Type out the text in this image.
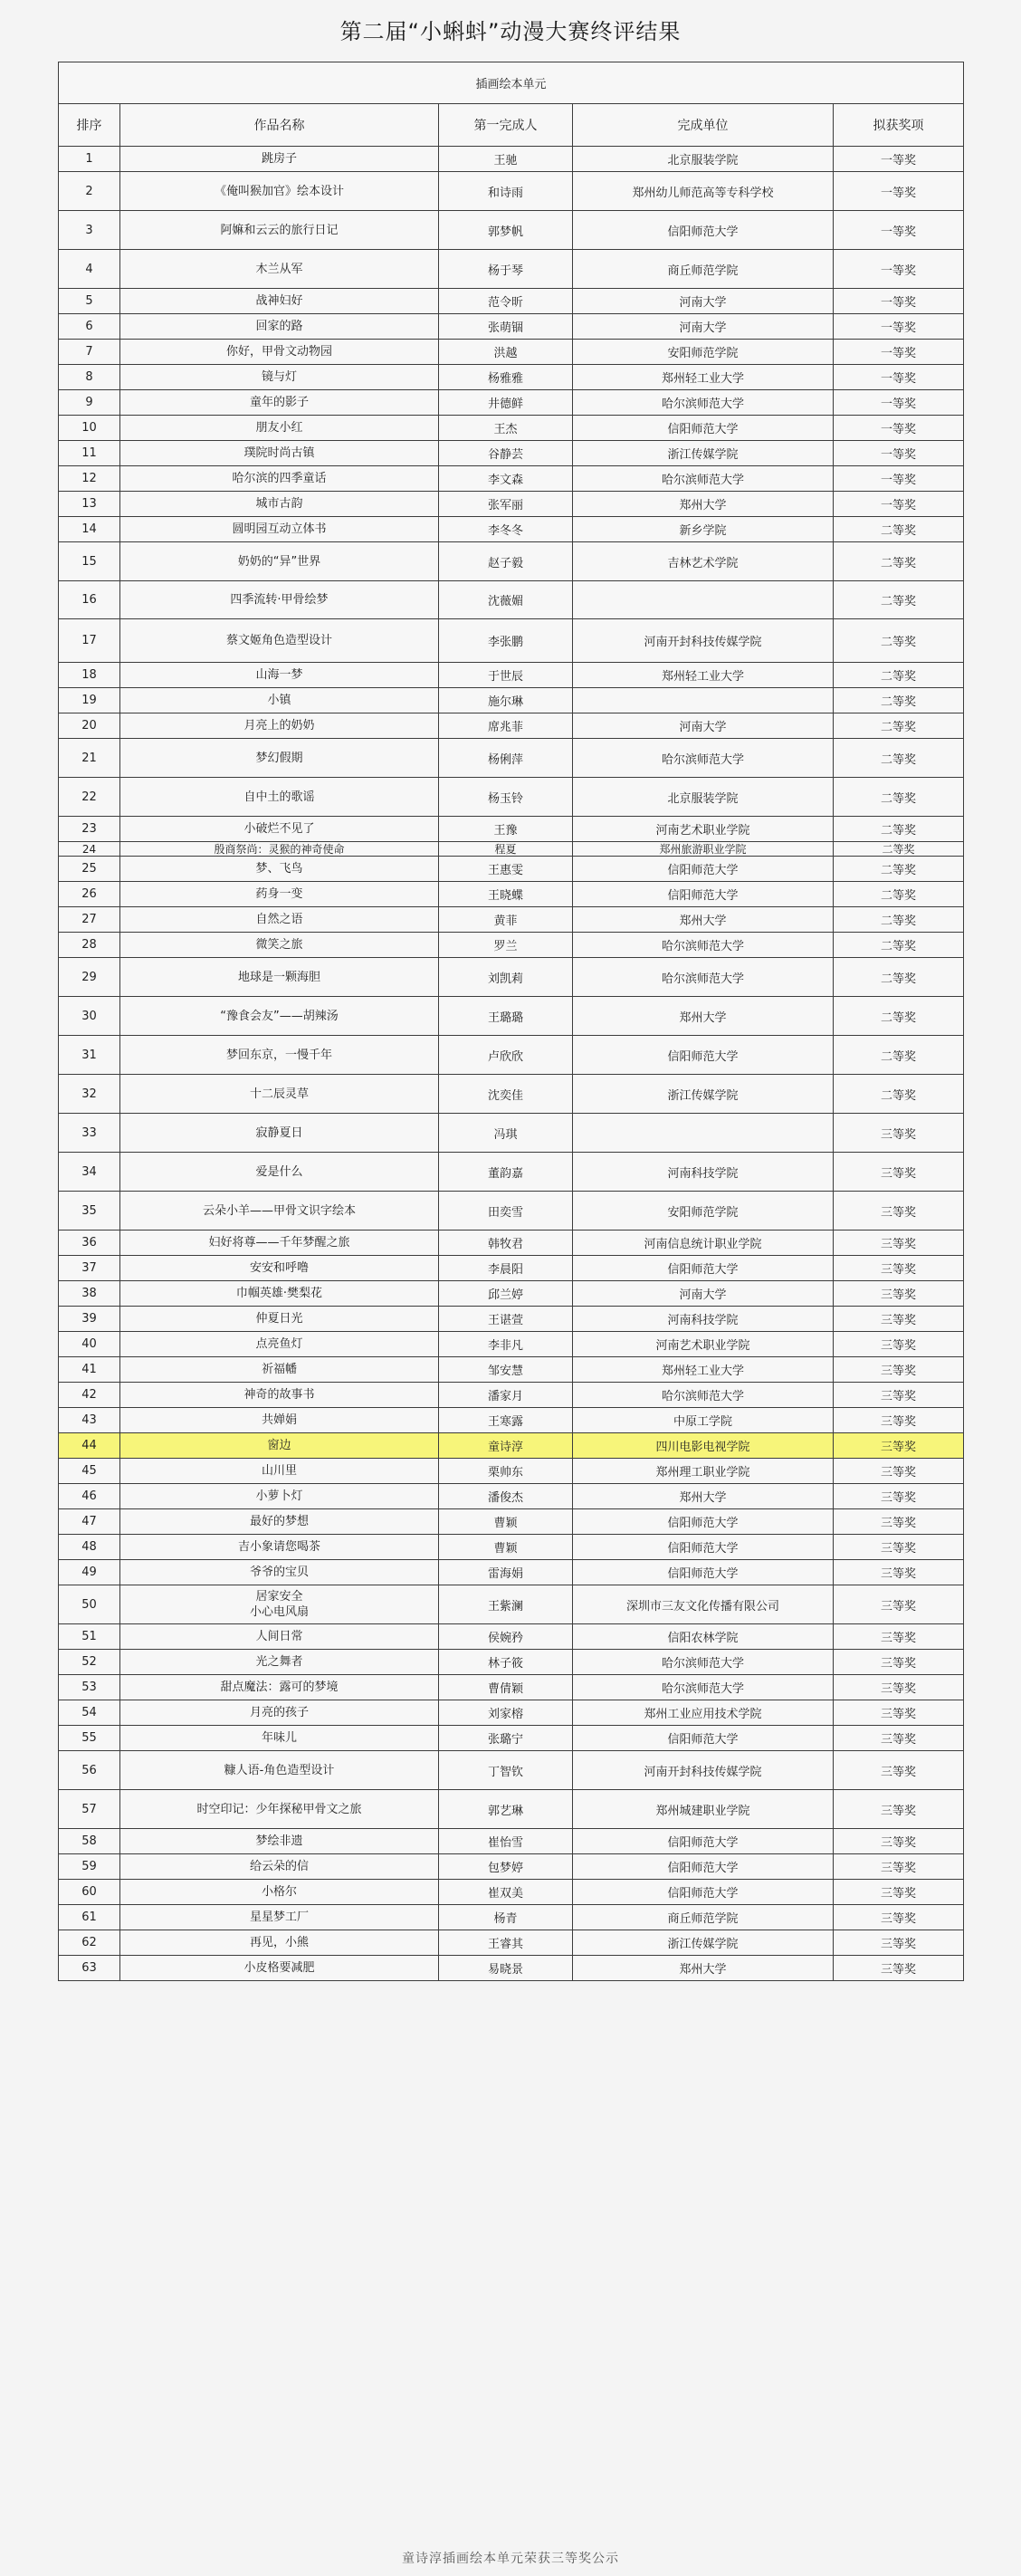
第二届“小蝌蚪”动漫大赛终评结果
插画绘本单元				
排序	作品名称	第一完成人	完成单位	拟获奖项
1	跳房子	王驰	北京服装学院	一等奖
2	《俺叫猴加官》绘本设计	和诗雨	郑州幼儿师范高等专科学校	一等奖
3	阿嫲和云云的旅行日记	郭梦帆	信阳师范大学	一等奖
4	木兰从军	杨于琴	商丘师范学院	一等奖
5	战神妇好	范令昕	河南大学	一等奖
6	回家的路	张萌锢	河南大学	一等奖
7	你好，甲骨文动物园	洪越	安阳师范学院	一等奖
8	镜与灯	杨雅雅	郑州轻工业大学	一等奖
9	童年的影子	井德鲜	哈尔滨师范大学	一等奖
10	朋友小红	王杰	信阳师范大学	一等奖
11	璞院时尚古镇	谷静芸	浙江传媒学院	一等奖
12	哈尔滨的四季童话	李文森	哈尔滨师范大学	一等奖
13	城市古韵	张军丽	郑州大学	一等奖
14	圆明园互动立体书	李冬冬	新乡学院	二等奖
15	奶奶的“异”世界	赵子毅	吉林艺术学院	二等奖
16	四季流转·甲骨绘梦	沈薇媚		二等奖
17	蔡文姬角色造型设计	李张鹏	河南开封科技传媒学院	二等奖
18	山海一梦	于世辰	郑州轻工业大学	二等奖
19	小镇	施尔琳		二等奖
20	月亮上的奶奶	席兆菲	河南大学	二等奖
21	梦幻假期	杨俐萍	哈尔滨师范大学	二等奖
22	自中土的歌谣	杨玉铃	北京服装学院	二等奖
23	小破烂不见了	王豫	河南艺术职业学院	二等奖
24	殷商祭尚：灵猴的神奇使命	程夏	郑州旅游职业学院	二等奖
25	梦、飞鸟	王惠雯	信阳师范大学	二等奖
26	药身一变	王晓蝶	信阳师范大学	二等奖
27	自然之语	黄菲	郑州大学	二等奖
28	微笑之旅	罗兰	哈尔滨师范大学	二等奖
29	地球是一颗海胆	刘凯莉	哈尔滨师范大学	二等奖
30	“豫食会友”——胡辣汤	王璐璐	郑州大学	二等奖
31	梦回东京，一慢千年	卢欣欣	信阳师范大学	二等奖
32	十二辰灵草	沈奕佳	浙江传媒学院	二等奖
33	寂静夏日	冯琪		三等奖
34	爱是什么	董韵嘉	河南科技学院	三等奖
35	云朵小羊——甲骨文识字绘本	田奕雪	安阳师范学院	三等奖
36	妇好将尊——千年梦醒之旅	韩牧君	河南信息统计职业学院	三等奖
37	安安和呼噜	李晨阳	信阳师范大学	三等奖
38	巾帼英雄·樊梨花	邱兰婷	河南大学	三等奖
39	仲夏日光	王谌萱	河南科技学院	三等奖
40	点亮鱼灯	李非凡	河南艺术职业学院	三等奖
41	祈福幡	邹安慧	郑州轻工业大学	三等奖
42	神奇的故事书	潘家月	哈尔滨师范大学	三等奖
43	共婵娟	王寒露	中原工学院	三等奖
44	窗边	童诗淳	四川电影电视学院	三等奖
45	山川里	栗帅东	郑州理工职业学院	三等奖
46	小萝卜灯	潘俊杰	郑州大学	三等奖
47	最好的梦想	曹颖	信阳师范大学	三等奖
48	吉小象请您喝茶	曹颖	信阳师范大学	三等奖
49	爷爷的宝贝	雷海娟	信阳师范大学	三等奖
50	居家安全
小心电风扇	王紫澜	深圳市三友文化传播有限公司	三等奖
51	人间日常	侯婉矜	信阳农林学院	三等奖
52	光之舞者	林子筱	哈尔滨师范大学	三等奖
53	甜点魔法：露可的梦境	曹倩颖	哈尔滨师范大学	三等奖
54	月亮的孩子	刘家榕	郑州工业应用技术学院	三等奖
55	年味儿	张璐宁	信阳师范大学	三等奖
56	糠人语-角色造型设计	丁智钦	河南开封科技传媒学院	三等奖
57	时空印记：少年探秘甲骨文之旅	郭艺琳	郑州城建职业学院	三等奖
58	梦绘非遗	崔怡雪	信阳师范大学	三等奖
59	给云朵的信	包梦婷	信阳师范大学	三等奖
60	小格尔	崔双美	信阳师范大学	三等奖
61	星星梦工厂	杨青	商丘师范学院	三等奖
62	再见，小熊	王睿其	浙江传媒学院	三等奖
63	小皮格要减肥	易晓景	郑州大学	三等奖
童诗淳插画绘本单元荣获三等奖公示
